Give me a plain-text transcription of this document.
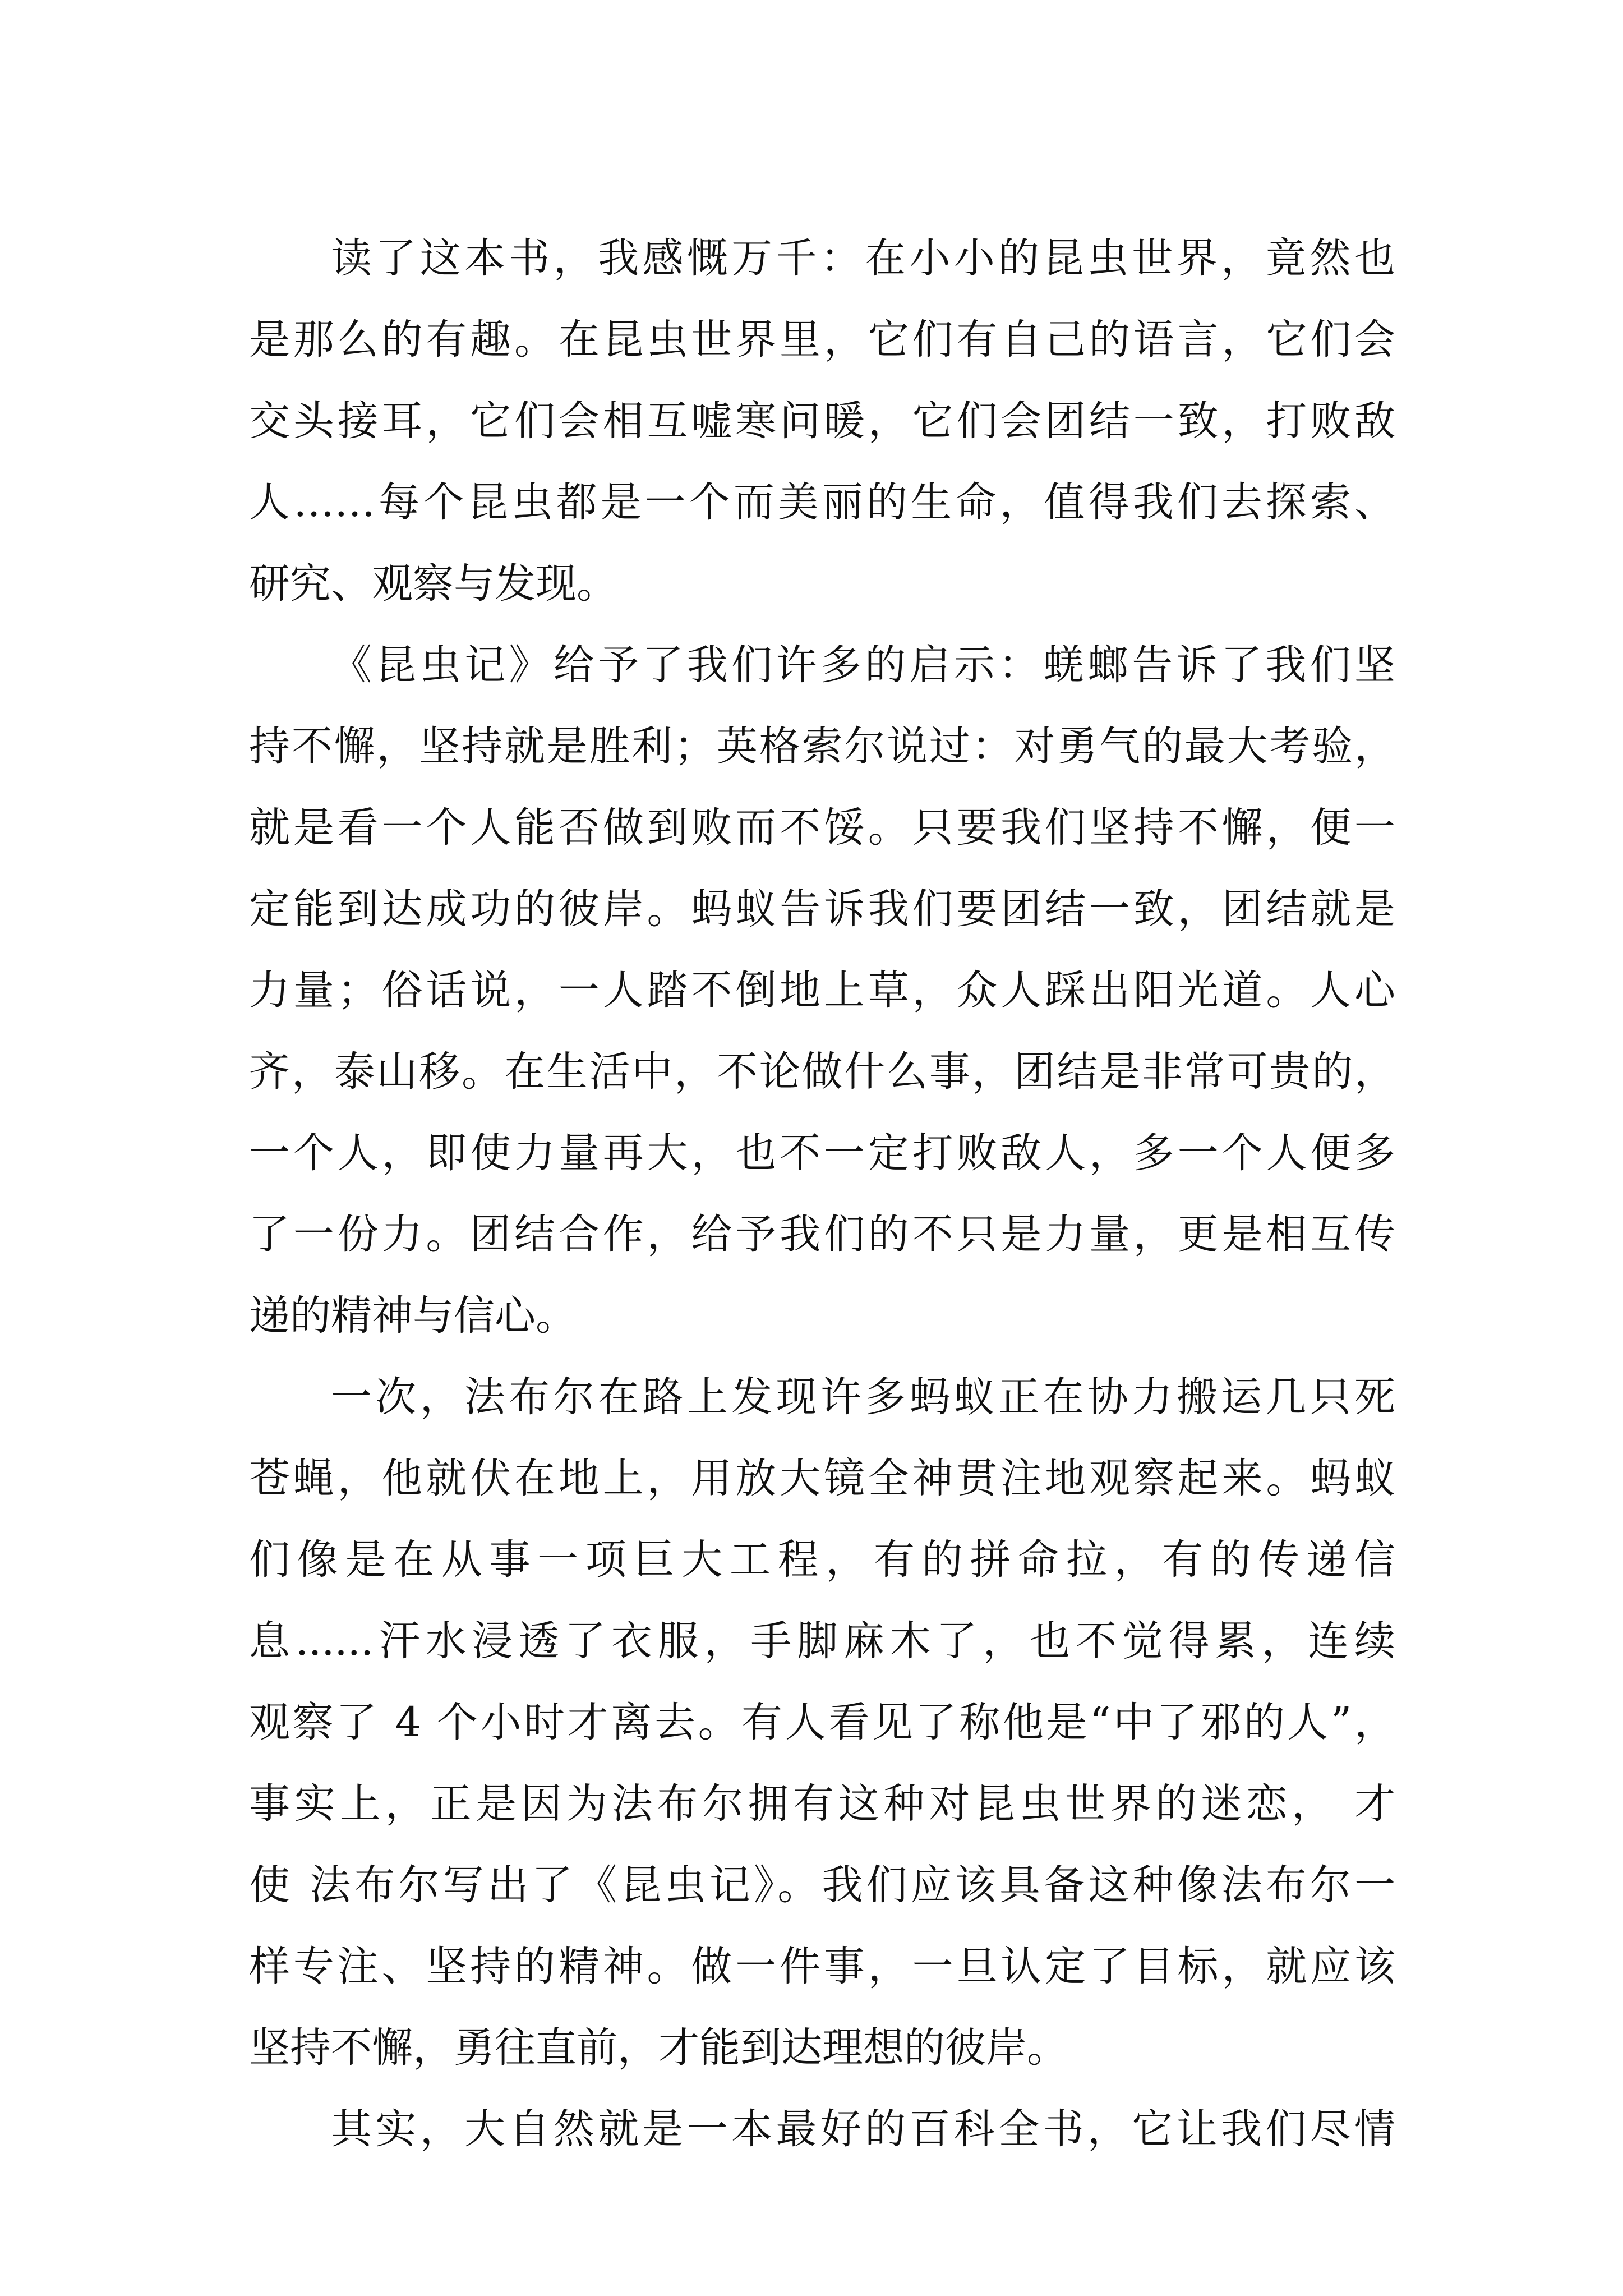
读了这本书，我感慨万千：在小小的昆虫世界，竟然也
是那么的有趣。在昆虫世界里，它们有自己的语言，它们会
交头接耳，它们会相互嘘寒问暖，它们会团结一致，打败敌
人……每个昆虫都是一个而美丽的生命，值得我们去探索、
研究、观察与发现。
《昆虫记》给予了我们许多的启示：蜣螂告诉了我们坚
持不懈，坚持就是胜利；英格索尔说过：对勇气的最大考验，
就是看一个人能否做到败而不馁。只要我们坚持不懈，便一
定能到达成功的彼岸。蚂蚁告诉我们要团结一致，团结就是
力量；俗话说，一人踏不倒地上草，众人踩出阳光道。人心
齐，泰山移。在生活中，不论做什么事，团结是非常可贵的，
一个人，即使力量再大，也不一定打败敌人，多一个人便多
了一份力。团结合作，给予我们的不只是力量，更是相互传
递的精神与信心。
一次，法布尔在路上发现许多蚂蚁正在协力搬运几只死
苍蝇，他就伏在地上，用放大镜全神贯注地观察起来。蚂蚁
们像是在从事一项巨大工程，有的拼命拉，有的传递信
息......汗水浸透了衣服，手脚麻木了，也不觉得累，连续
观察了 4 个小时才离去。有人看见了称他是“中了邪的人”，
事实上，正是因为法布尔拥有这种对昆虫世界的迷恋， 才
使 法布尔写出了《昆虫记》。我们应该具备这种像法布尔一
样专注、坚持的精神。做一件事，一旦认定了目标，就应该
坚持不懈，勇往直前，才能到达理想的彼岸。
其实，大自然就是一本最好的百科全书，它让我们尽情
